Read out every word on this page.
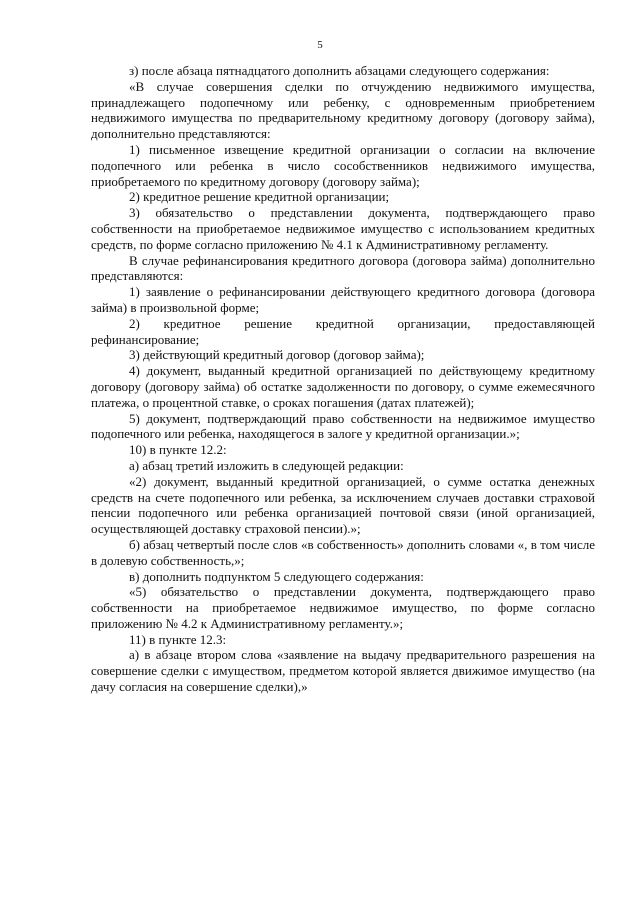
5

з) после абзаца пятнадцатого дополнить абзацами следующего содержания:

«В случае совершения сделки по отчуждению недвижимого имущества, принадлежащего подопечному или ребенку, с одновременным приобретением недвижимого имущества по предварительному кредитному договору (договору займа), дополнительно представляются:

1) письменное извещение кредитной организации о согласии на включение подопечного или ребенка в число сособственников недвижимого имущества, приобретаемого по кредитному договору (договору займа);

2) кредитное решение кредитной организации;

3) обязательство о представлении документа, подтверждающего право собственности на приобретаемое недвижимое имущество с использованием кредитных средств, по форме согласно приложению № 4.1 к Административному регламенту.

В случае рефинансирования кредитного договора (договора займа) дополнительно представляются:

1) заявление о рефинансировании действующего кредитного договора (договора займа) в произвольной форме;

2) кредитное решение кредитной организации, предоставляющей рефинансирование;

3) действующий кредитный договор (договор займа);

4) документ, выданный кредитной организацией по действующему кредитному договору (договору займа) об остатке задолженности по договору, о сумме ежемесячного платежа, о процентной ставке, о сроках погашения (датах платежей);

5) документ, подтверждающий право собственности на недвижимое имущество подопечного или ребенка, находящегося в залоге у кредитной организации.»;

10) в пункте 12.2:

а) абзац третий изложить в следующей редакции:

«2) документ, выданный кредитной организацией, о сумме остатка денежных средств на счете подопечного или ребенка, за исключением случаев доставки страховой пенсии подопечного или ребенка организацией почтовой связи (иной организацией, осуществляющей доставку страховой пенсии).»;

б) абзац четвертый после слов «в собственность» дополнить словами «, в том числе в долевую собственность,»;

в) дополнить подпунктом 5 следующего содержания:

«5) обязательство о представлении документа, подтверждающего право собственности на приобретаемое недвижимое имущество, по форме согласно приложению № 4.2 к Административному регламенту.»;

11) в пункте 12.3:

а) в абзаце втором слова «заявление на выдачу предварительного разрешения на совершение сделки с имуществом, предметом которой является движимое имущество (на дачу согласия на совершение сделки),»
